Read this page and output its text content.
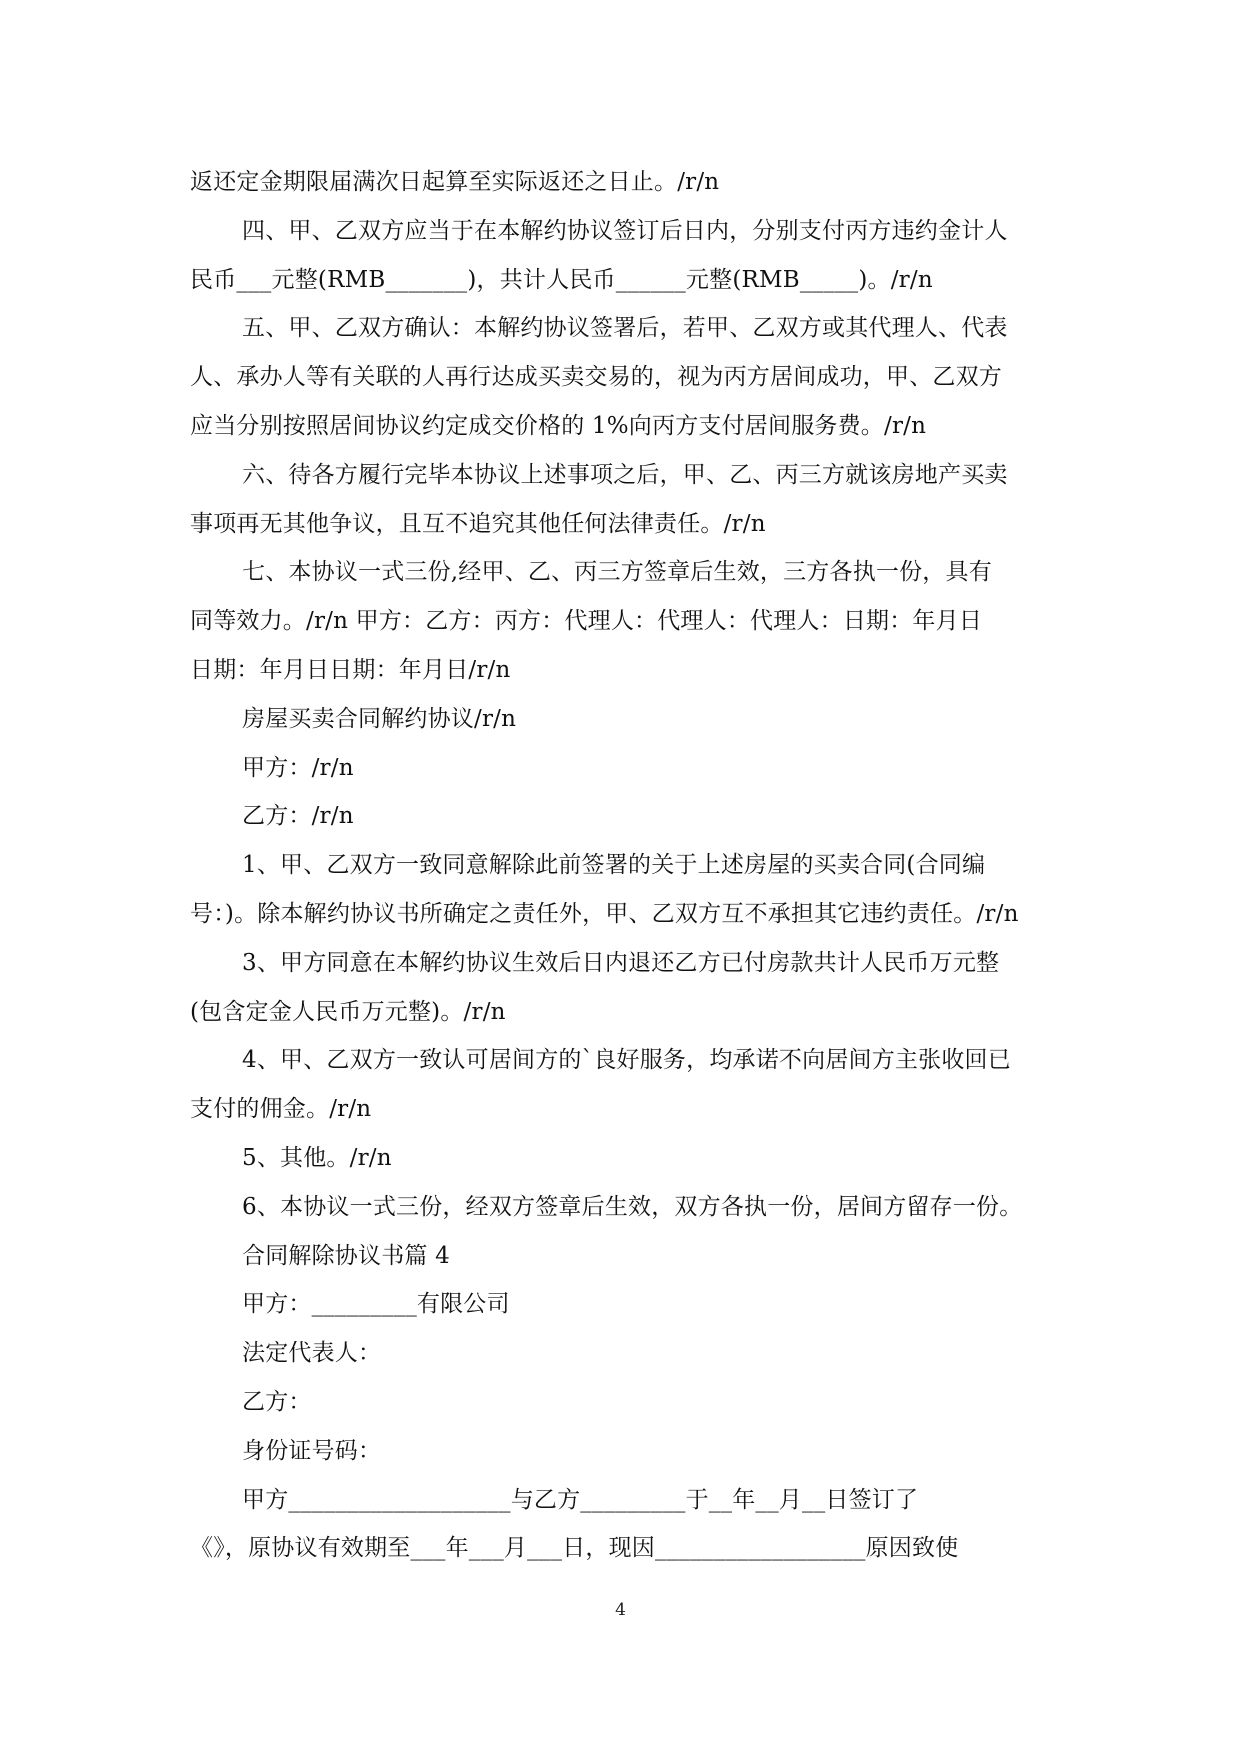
返还定金期限届满次日起算至实际返还之日止。/r/n
四、甲、乙双方应当于在本解约协议签订后日内，分别支付丙方违约金计人
民币___元整(RMB_______)，共计人民币______元整(RMB_____)。/r/n
五、甲、乙双方确认：本解约协议签署后，若甲、乙双方或其代理人、代表
人、承办人等有关联的人再行达成买卖交易的，视为丙方居间成功，甲、乙双方
应当分别按照居间协议约定成交价格的 1%向丙方支付居间服务费。/r/n
六、待各方履行完毕本协议上述事项之后，甲、乙、丙三方就该房地产买卖
事项再无其他争议，且互不追究其他任何法律责任。/r/n
七、本协议一式三份,经甲、乙、丙三方签章后生效，三方各执一份，具有
同等效力。/r/n 甲方：乙方：丙方：代理人：代理人：代理人：日期：年月日
日期：年月日日期：年月日/r/n
房屋买卖合同解约协议/r/n
甲方：/r/n
乙方：/r/n
1、甲、乙双方一致同意解除此前签署的关于上述房屋的买卖合同(合同编
号：)。除本解约协议书所确定之责任外，甲、乙双方互不承担其它违约责任。/r/n
3、甲方同意在本解约协议生效后日内退还乙方已付房款共计人民币万元整
(包含定金人民币万元整)。/r/n
4、甲、乙双方一致认可居间方的`良好服务，均承诺不向居间方主张收回已
支付的佣金。/r/n
5、其他。/r/n
6、本协议一式三份，经双方签章后生效，双方各执一份，居间方留存一份。
合同解除协议书篇 4
甲方：_________有限公司
法定代表人：
乙方：
身份证号码：
甲方___________________与乙方_________于__年__月__日签订了
《》，原协议有效期至___年___月___日，现因__________________原因致使
4
